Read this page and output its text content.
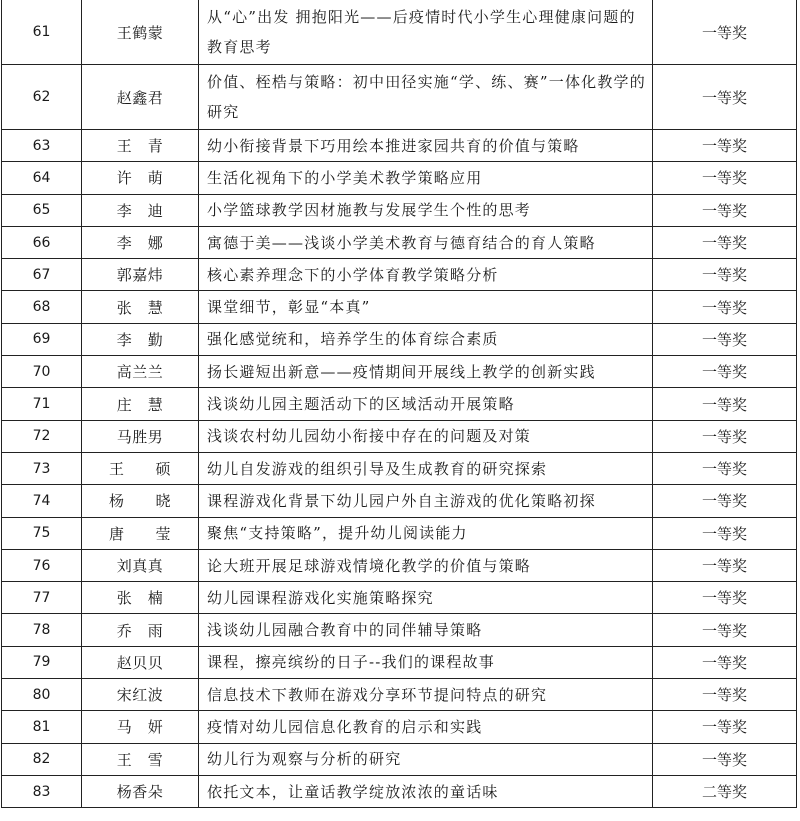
61	王鹤蒙	从“心”出发 拥抱阳光——后疫情时代小学生心理健康问题的教育思考	一等奖
62	赵鑫君	价值、桎梏与策略：初中田径实施“学、练、赛”一体化教学的研究	一等奖
63	王　青	幼小衔接背景下巧用绘本推进家园共育的价值与策略	一等奖
64	许　萌	生活化视角下的小学美术教学策略应用	一等奖
65	李　迪	小学篮球教学因材施教与发展学生个性的思考	一等奖
66	李　娜	寓德于美——浅谈小学美术教育与德育结合的育人策略	一等奖
67	郭嘉炜	核心素养理念下的小学体育教学策略分析	一等奖
68	张　慧	课堂细节，彰显“本真”	一等奖
69	李　勤	强化感觉统和，培养学生的体育综合素质	一等奖
70	高兰兰	扬长避短出新意——疫情期间开展线上教学的创新实践	一等奖
71	庄　慧	浅谈幼儿园主题活动下的区域活动开展策略	一等奖
72	马胜男	浅谈农村幼儿园幼小衔接中存在的问题及对策	一等奖
73	王　　硕	幼儿自发游戏的组织引导及生成教育的研究探索	一等奖
74	杨　　晓	课程游戏化背景下幼儿园户外自主游戏的优化策略初探	一等奖
75	唐　　莹	聚焦“支持策略”，提升幼儿阅读能力	一等奖
76	刘真真	论大班开展足球游戏情境化教学的价值与策略	一等奖
77	张　楠	幼儿园课程游戏化实施策略探究	一等奖
78	乔　雨	浅谈幼儿园融合教育中的同伴辅导策略	一等奖
79	赵贝贝	课程，擦亮缤纷的日子--我们的课程故事	一等奖
80	宋红波	信息技术下教师在游戏分享环节提问特点的研究	一等奖
81	马　妍	疫情对幼儿园信息化教育的启示和实践	一等奖
82	王　雪	幼儿行为观察与分析的研究	一等奖
83	杨香朵	依托文本，让童话教学绽放浓浓的童话味	二等奖
